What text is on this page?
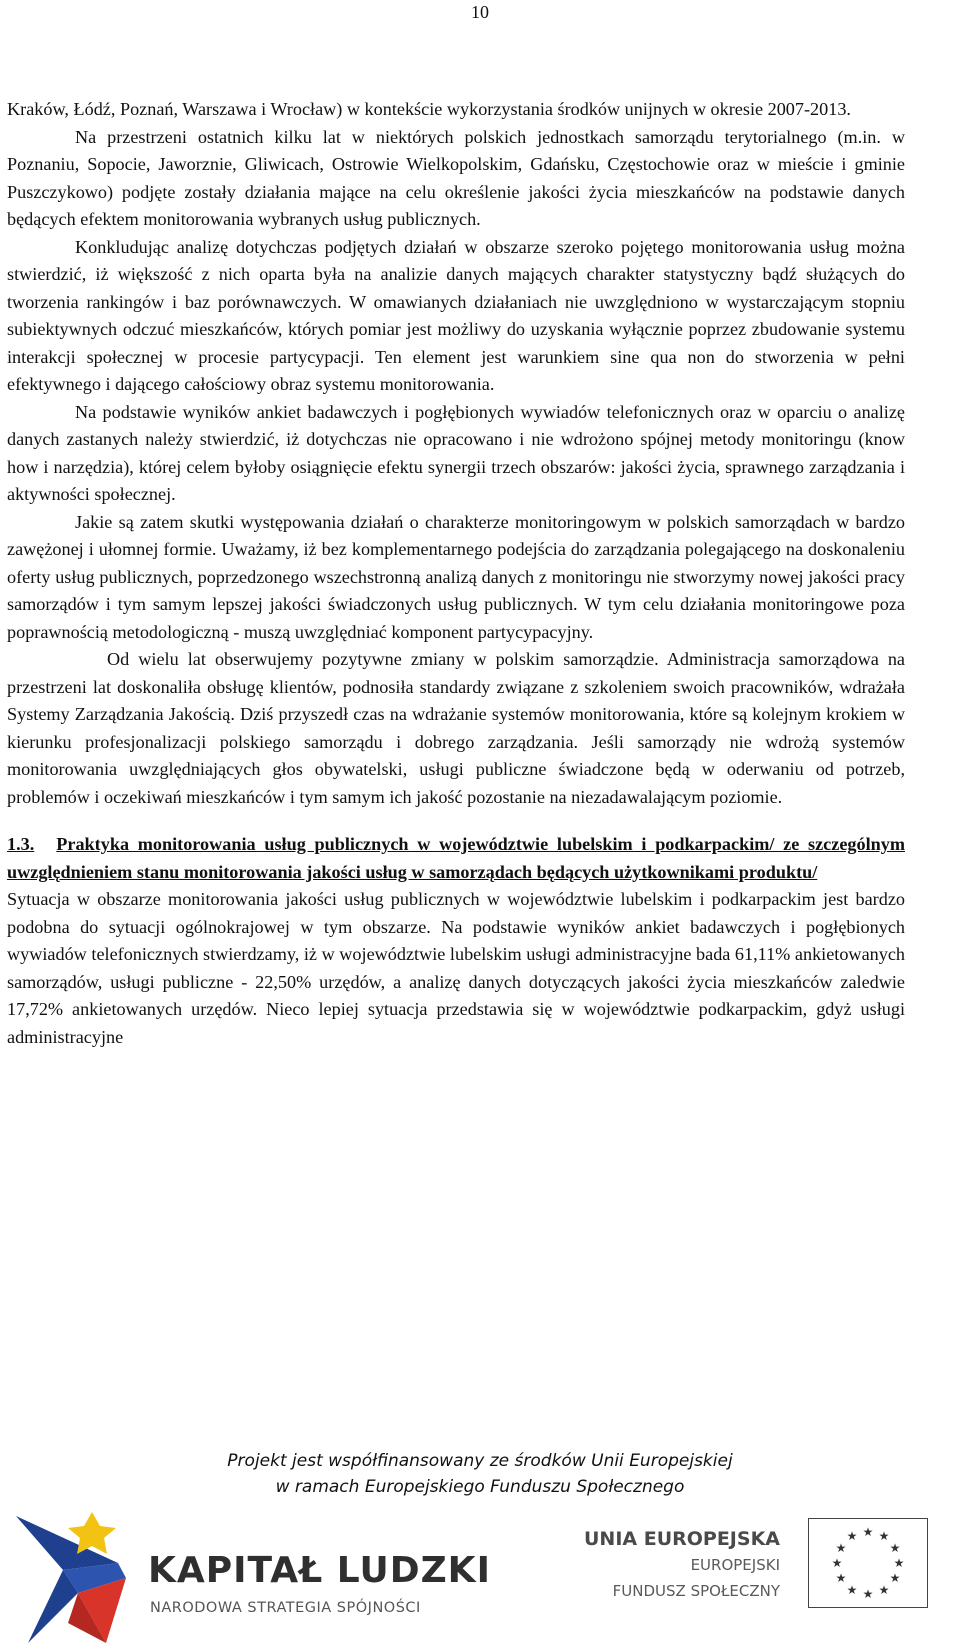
10

Kraków, Łódź, Poznań, Warszawa i Wrocław) w kontekście wykorzystania środków unijnych w okresie 2007-2013.

Na przestrzeni ostatnich kilku lat w niektórych polskich jednostkach samorządu terytorialnego (m.in. w Poznaniu, Sopocie, Jaworznie, Gliwicach, Ostrowie Wielkopolskim, Gdańsku, Częstochowie oraz w mieście i gminie Puszczykowo) podjęte zostały działania mające na celu określenie jakości życia mieszkańców na podstawie danych będących efektem monitorowania wybranych usług publicznych.

Konkludując analizę dotychczas podjętych działań w obszarze szeroko pojętego monitorowania usług można stwierdzić, iż większość z nich oparta była na analizie danych mających charakter statystyczny bądź służących do tworzenia rankingów i baz porównawczych. W omawianych działaniach nie uwzględniono w wystarczającym stopniu subiektywnych odczuć mieszkańców, których pomiar jest możliwy do uzyskania wyłącznie poprzez zbudowanie systemu interakcji społecznej w procesie partycypacji. Ten element jest warunkiem sine qua non do stworzenia w pełni efektywnego i dającego całościowy obraz systemu monitorowania.

Na podstawie wyników ankiet badawczych i pogłębionych wywiadów telefonicznych oraz w oparciu o analizę danych zastanych należy stwierdzić, iż dotychczas nie opracowano i nie wdrożono spójnej metody monitoringu (know how i narzędzia), której celem byłoby osiągnięcie efektu synergii trzech obszarów: jakości życia, sprawnego zarządzania i aktywności społecznej.

Jakie są zatem skutki występowania działań o charakterze monitoringowym w polskich samorządach w bardzo zawężonej i ułomnej formie. Uważamy, iż bez komplementarnego podejścia do zarządzania polegającego na doskonaleniu oferty usług publicznych, poprzedzonego wszechstronną analizą danych z monitoringu nie stworzymy nowej jakości pracy samorządów i tym samym lepszej jakości świadczonych usług publicznych. W tym celu działania monitoringowe poza poprawnością metodologiczną - muszą uwzględniać komponent partycypacyjny.

Od wielu lat obserwujemy pozytywne zmiany w polskim samorządzie. Administracja samorządowa na przestrzeni lat doskonaliła obsługę klientów, podnosiła standardy związane z szkoleniem swoich pracowników, wdrażała Systemy Zarządzania Jakością. Dziś przyszedł czas na wdrażanie systemów monitorowania, które są kolejnym krokiem w kierunku profesjonalizacji polskiego samorządu i dobrego zarządzania. Jeśli samorządy nie wdrożą systemów monitorowania uwzględniających głos obywatelski, usługi publiczne świadczone będą w oderwaniu od potrzeb, problemów i oczekiwań mieszkańców i tym samym ich jakość pozostanie na niezadawalającym poziomie.

1.3. Praktyka monitorowania usług publicznych w województwie lubelskim i podkarpackim/ ze szczególnym uwzględnieniem stanu monitorowania jakości usług w samorządach będących użytkownikami produktu/

Sytuacja w obszarze monitorowania jakości usług publicznych w województwie lubelskim i podkarpackim jest bardzo podobna do sytuacji ogólnokrajowej w tym obszarze. Na podstawie wyników ankiet badawczych i pogłębionych wywiadów telefonicznych stwierdzamy, iż w województwie lubelskim usługi administracyjne bada 61,11% ankietowanych samorządów, usługi publiczne - 22,50% urzędów, a analizę danych dotyczących jakości życia mieszkańców zaledwie 17,72% ankietowanych urzędów. Nieco lepiej sytuacja przedstawia się w województwie podkarpackim, gdyż usługi administracyjne

Projekt jest współfinansowany ze środków Unii Europejskiej
w ramach Europejskiego Funduszu Społecznego
KAPITAŁ LUDZKI
NARODOWA STRATEGIA SPÓJNOŚCI
UNIA EUROPEJSKA
EUROPEJSKI
FUNDUSZ SPOŁECZNY
★ ★
★
★
★
★
★
★
★
★
★
★
